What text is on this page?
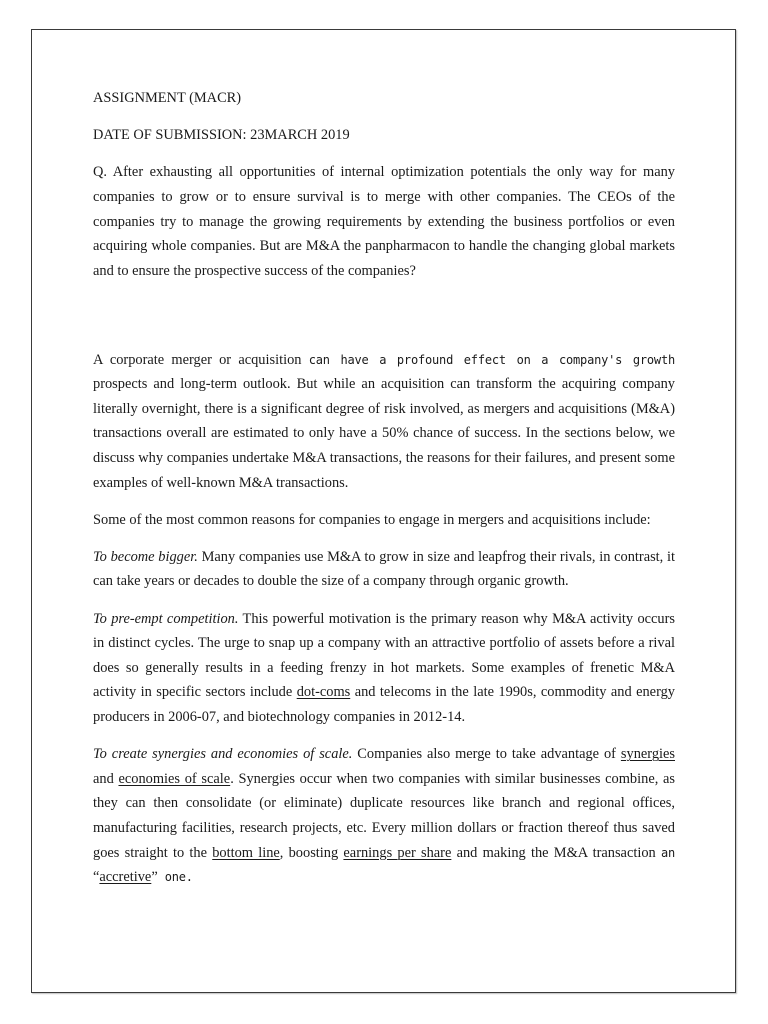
ASSIGNMENT (MACR)

DATE OF SUBMISSION: 23MARCH 2019

Q. After exhausting all opportunities of internal optimization potentials the only way for many companies to grow or to ensure survival is to merge with other companies. The CEOs of the companies try to manage the growing requirements by extending the business portfolios or even acquiring whole companies. But are M&A the panpharmacon to handle the changing global markets and to ensure the prospective success of the companies?

A corporate merger or acquisition can have a profound effect on a company's growth prospects and long-term outlook. But while an acquisition can transform the acquiring company literally overnight, there is a significant degree of risk involved, as mergers and acquisitions (M&A) transactions overall are estimated to only have a 50% chance of success. In the sections below, we discuss why companies undertake M&A transactions, the reasons for their failures, and present some examples of well-known M&A transactions.

Some of the most common reasons for companies to engage in mergers and acquisitions include:

To become bigger. Many companies use M&A to grow in size and leapfrog their rivals, in contrast, it can take years or decades to double the size of a company through organic growth.

To pre-empt competition. This powerful motivation is the primary reason why M&A activity occurs in distinct cycles. The urge to snap up a company with an attractive portfolio of assets before a rival does so generally results in a feeding frenzy in hot markets. Some examples of frenetic M&A activity in specific sectors include dot-coms and telecoms in the late 1990s, commodity and energy producers in 2006-07, and biotechnology companies in 2012-14.

To create synergies and economies of scale. Companies also merge to take advantage of synergies and economies of scale. Synergies occur when two companies with similar businesses combine, as they can then consolidate (or eliminate) duplicate resources like branch and regional offices, manufacturing facilities, research projects, etc. Every million dollars or fraction thereof thus saved goes straight to the bottom line, boosting earnings per share and making the M&A transaction an “accretive” one.
